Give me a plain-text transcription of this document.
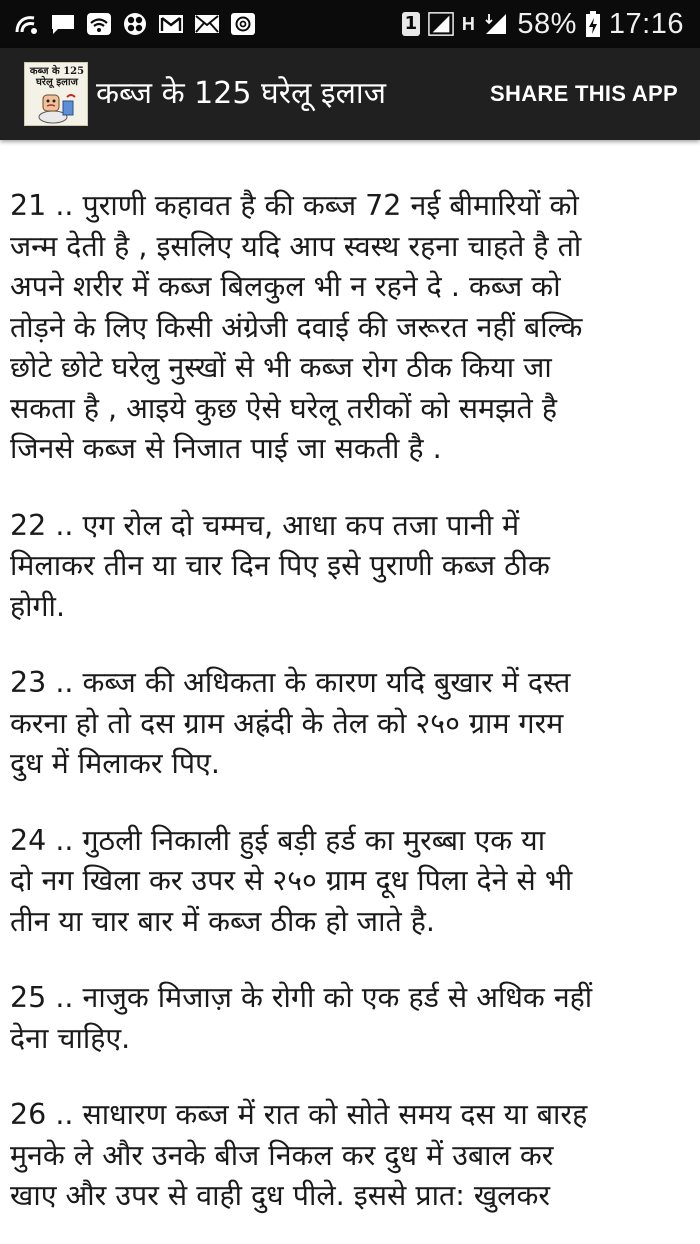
1 H 58% 17:16
कब्ज के 125
घरेलू इलाज कब्ज के 125 घरेलू इलाज	SHARE THIS APP

21 .. पुराणी कहावत है की कब्ज 72 नई बीमारियों को
जन्म देती है , इसलिए यदि आप स्वस्थ रहना चाहते है तो
अपने शरीर में कब्ज बिलकुल भी न रहने दे . कब्ज को
तोड़ने के लिए किसी अंग्रेजी दवाई की जरूरत नहीं बल्कि
छोटे छोटे घरेलु नुस्खों से भी कब्ज रोग ठीक किया जा
सकता है , आइये कुछ ऐसे घरेलू तरीकों को समझते है
जिनसे कब्ज से निजात पाई जा सकती है .

22 .. एग रोल दो चम्मच, आधा कप तजा पानी में
मिलाकर तीन या चार दिन पिए इसे पुराणी कब्ज ठीक
होगी.

23 .. कब्ज की अधिकता के कारण यदि बुखार में दस्त
करना हो तो दस ग्राम अह्रंदी के तेल को २५० ग्राम गरम
दुध में मिलाकर पिए.

24 .. गुठली निकाली हुई बड़ी हर्ड का मुरब्बा एक या
दो नग खिला कर उपर से २५० ग्राम दूध पिला देने से भी
तीन या चार बार में कब्ज ठीक हो जाते है.

25 .. नाजुक मिजाज़ के रोगी को एक हर्ड से अधिक नहीं
देना चाहिए.

26 .. साधारण कब्ज में रात को सोते समय दस या बारह
मुनके ले और उनके बीज निकल कर दुध में उबाल कर
खाए और उपर से वाही दुध पीले. इससे प्रात: खुलकर
